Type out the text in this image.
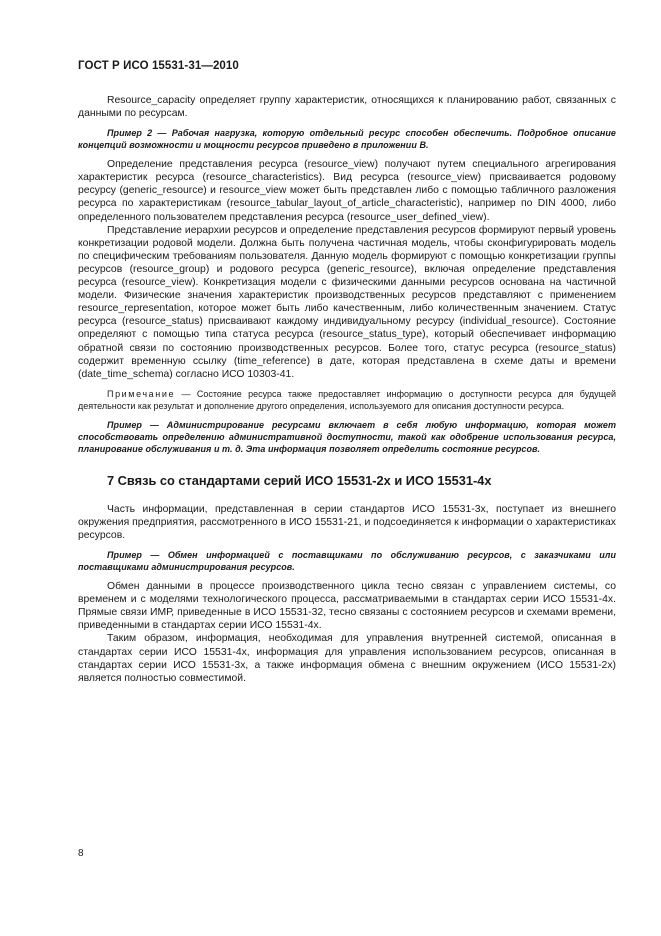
ГОСТ Р ИСО 15531-31—2010

Resource_capacity определяет группу характеристик, относящихся к планированию работ, связанных с данными по ресурсам.

Пример 2 — Рабочая нагрузка, которую отдельный ресурс способен обеспечить. Подробное описание концепций возможности и мощности ресурсов приведено в приложении В.

Определение представления ресурса (resource_view) получают путем специального агрегирования характеристик ресурса (resource_characteristics). Вид ресурса (resource_view) присваивается родовому ресурсу (generic_resource) и resource_view может быть представлен либо с помощью табличного разложения ресурса по характеристикам (resource_tabular_layout_of_article_characteristic), например по DIN 4000, либо определенного пользователем представления ресурса (resource_user_defined_view).

Представление иерархии ресурсов и определение представления ресурсов формируют первый уровень конкретизации родовой модели. Должна быть получена частичная модель, чтобы сконфигурировать модель по специфическим требованиям пользователя. Данную модель формируют с помощью конкретизации группы ресурсов (resource_group) и родового ресурса (generic_resource), включая определение представления ресурса (resource_view). Конкретизация модели с физическими данными ресурсов основана на частичной модели. Физические значения характеристик производственных ресурсов представляют с применением resource_representation, которое может быть либо качественным, либо количественным значением. Статус ресурса (resource_status) присваивают каждому индивидуальному ресурсу (individual_resource). Состояние определяют с помощью типа статуса ресурса (resource_status_type), который обеспечивает информацию обратной связи по состоянию производственных ресурсов. Более того, статус ресурса (resource_status) содержит временную ссылку (time_reference) в дате, которая представлена в схеме даты и времени (date_time_schema) согласно ИСО 10303-41.

Примечание — Состояние ресурса также предоставляет информацию о доступности ресурса для будущей деятельности как результат и дополнение другого определения, используемого для описания доступности ресурса.

Пример — Администрирование ресурсами включает в себя любую информацию, которая может способствовать определению административной доступности, такой как одобрение использования ресурса, планирование обслуживания и т. д. Эта информация позволяет определить состояние ресурсов.

7 Связь со стандартами серий ИСО 15531-2х и ИСО 15531-4х

Часть информации, представленная в серии стандартов ИСО 15531-3х, поступает из внешнего окружения предприятия, рассмотренного в ИСО 15531-21, и подсоединяется к информации о характеристиках ресурсов.

Пример — Обмен информацией с поставщиками по обслуживанию ресурсов, с заказчиками или поставщиками администрирования ресурсов.

Обмен данными в процессе производственного цикла тесно связан с управлением системы, со временем и с моделями технологического процесса, рассматриваемыми в стандартах серии ИСО 15531-4х. Прямые связи ИМР, приведенные в ИСО 15531-32, тесно связаны с состоянием ресурсов и схемами времени, приведенными в стандартах серии ИСО 15531-4х.

Таким образом, информация, необходимая для управления внутренней системой, описанная в стандартах серии ИСО 15531-4х, информация для управления использованием ресурсов, описанная в стандартах серии ИСО 15531-3х, а также информация обмена с внешним окружением (ИСО 15531-2х) является полностью совместимой.

8
